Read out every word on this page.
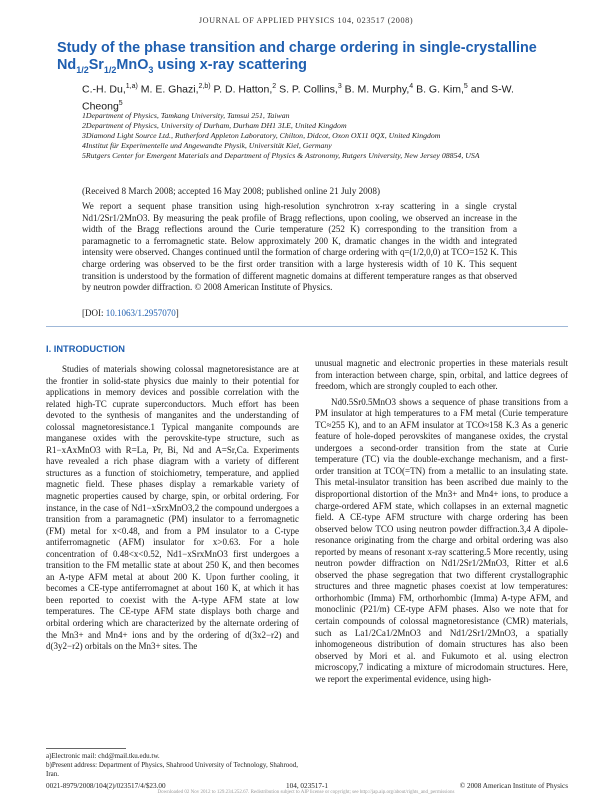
JOURNAL OF APPLIED PHYSICS 104, 023517 (2008)
Study of the phase transition and charge ordering in single-crystalline $Nd_{1/2}Sr_{1/2}MnO_3$ using x-ray scattering
C.-H. Du,$^{1,a)}$ M. E. Ghazi,$^{2,b)}$ P. D. Hatton,$^2$ S. P. Collins,$^3$ B. M. Murphy,$^4$ B. G. Kim,$^5$ and S-W. Cheong$^5$
1Department of Physics, Tamkang University, Tamsui 251, Taiwan
2Department of Physics, University of Durham, Durham DH1 3LE, United Kingdom
3Diamond Light Source Ltd., Rutherford Appleton Laboratory, Chilton, Didcot, Oxon OX11 0QX, United Kingdom
4Institut für Experimentelle und Angewandte Physik, Universität Kiel, Germany
5Rutgers Center for Emergent Materials and Department of Physics & Astronomy, Rutgers University, New Jersey 08854, USA
(Received 8 March 2008; accepted 16 May 2008; published online 21 July 2008)
We report a sequent phase transition using high-resolution synchrotron x-ray scattering in a single crystal Nd1/2Sr1/2MnO3. By measuring the peak profile of Bragg reflections, upon cooling, we observed an increase in the width of the Bragg reflections around the Curie temperature (252 K) corresponding to the transition from a paramagnetic to a ferromagnetic state. Below approximately 200 K, dramatic changes in the width and integrated intensity were observed. Changes continued until the formation of charge ordering with q=(1/2,0,0) at TCO=152 K. This charge ordering was observed to be the first order transition with a large hysteresis width of 10 K. This sequent transition is understood by the formation of different magnetic domains at different temperature ranges as that observed by neutron powder diffraction. © 2008 American Institute of Physics.
[DOI: 10.1063/1.2957070]
I. INTRODUCTION

Studies of materials showing colossal magnetoresistance are at the frontier in solid-state physics due mainly to their potential for applications in memory devices and possible correlation with the related high-TC cuprate superconductors. Much effort has been devoted to the synthesis of manganites and the understanding of colossal magnetoresistance.1 Typical manganite compounds are manganese oxides with the perovskite-type structure, such as R1−xAxMnO3 with R=La, Pr, Bi, Nd and A=Sr,Ca. Experiments have revealed a rich phase diagram with a variety of different structures as a function of stoichiometry, temperature, and applied magnetic field. These phases display a remarkable variety of magnetic properties caused by charge, spin, or orbital ordering. For instance, in the case of Nd1−xSrxMnO3,2 the compound undergoes a transition from a paramagnetic (PM) insulator to a ferromagnetic (FM) metal for x<0.48, and from a PM insulator to a C-type antiferromagnetic (AFM) insulator for x>0.63. For a hole concentration of 0.48<x<0.52, Nd1−xSrxMnO3 first undergoes a transition to the FM metallic state at about 250 K, and then becomes an A-type AFM metal at about 200 K. Upon further cooling, it becomes a CE-type antiferromagnet at about 160 K, at which it has been reported to coexist with the A-type AFM state at low temperatures. The CE-type AFM state displays both charge and orbital ordering which are characterized by the alternate ordering of the Mn3+ and Mn4+ ions and by the ordering of d(3x2−r2) and d(3y2−r2) orbitals on the Mn3+ sites. The

unusual magnetic and electronic properties in these materials result from interaction between charge, spin, orbital, and lattice degrees of freedom, which are strongly coupled to each other.

Nd0.5Sr0.5MnO3 shows a sequence of phase transitions from a PM insulator at high temperatures to a FM metal (Curie temperature TC≈255 K), and to an AFM insulator at TCO≈158 K.3 As a generic feature of hole-doped perovskites of manganese oxides, the crystal undergoes a second-order transition from the state at Curie temperature (TC) via the double-exchange mechanism, and a first-order transition at TCO(=TN) from a metallic to an insulating state. This metal-insulator transition has been ascribed due mainly to the disproportional distortion of the Mn3+ and Mn4+ ions, to produce a charge-ordered AFM state, which collapses in an external magnetic field. A CE-type AFM structure with charge ordering has been observed below TCO using neutron powder diffraction.3,4 A dipole-resonance originating from the charge and orbital ordering was also reported by means of resonant x-ray scattering.5 More recently, using neutron powder diffraction on Nd1/2Sr1/2MnO3, Ritter et al.6 observed the phase segregation that two different crystallographic structures and three magnetic phases coexist at low temperatures: orthorhombic (Imma) FM, orthorhombic (Imma) A-type AFM, and monoclinic (P21/m) CE-type AFM phases. Also we note that for certain compounds of colossal magnetoresistance (CMR) materials, such as La1/2Ca1/2MnO3 and Nd1/2Sr1/2MnO3, a spatially inhomogeneous distribution of domain structures has also been observed by Mori et al. and Fukumoto et al. using electron microscopy,7 indicating a mixture of microdomain structures. Here, we report the experimental evidence, using high-

a)Electronic mail: chd@mail.tku.edu.tw.
b)Present address: Department of Physics, Shahrood University of Technology, Shahrood, Iran.
0021-8979/2008/104(2)/023517/4/$23.00	104, 023517-1	© 2008 American Institute of Physics
Downloaded 02 Nov 2012 to 129.234.252.67. Redistribution subject to AIP license or copyright; see http://jap.aip.org/about/rights_and_permissions
